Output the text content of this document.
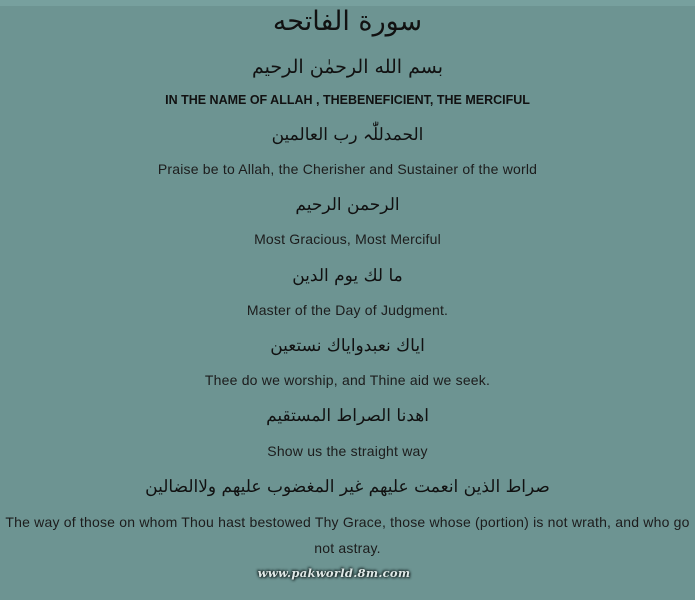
سورة الفاتحه
بسم الله الرحمٰن الرحيم
IN THE NAME OF ALLAH , THEBENEFICIENT, THE MERCIFUL
الحمدللّٰہ رب العالمین
Praise be to Allah, the Cherisher and Sustainer of the world
الرحمن الرحیم
Most Gracious, Most Merciful
ما لك يوم الدين
Master of the Day of Judgment.
اياك نعبدواياك نستعين
Thee do we worship, and Thine aid we seek.
اهدنا الصراط المستقيم
Show us the straight way
صراط الذين انعمت عليهم غير المغضوب عليهم ولاالضالين
The way of those on whom Thou hast bestowed Thy Grace, those whose (portion) is not wrath, and who go not astray.
www.pakworld.8m.com
